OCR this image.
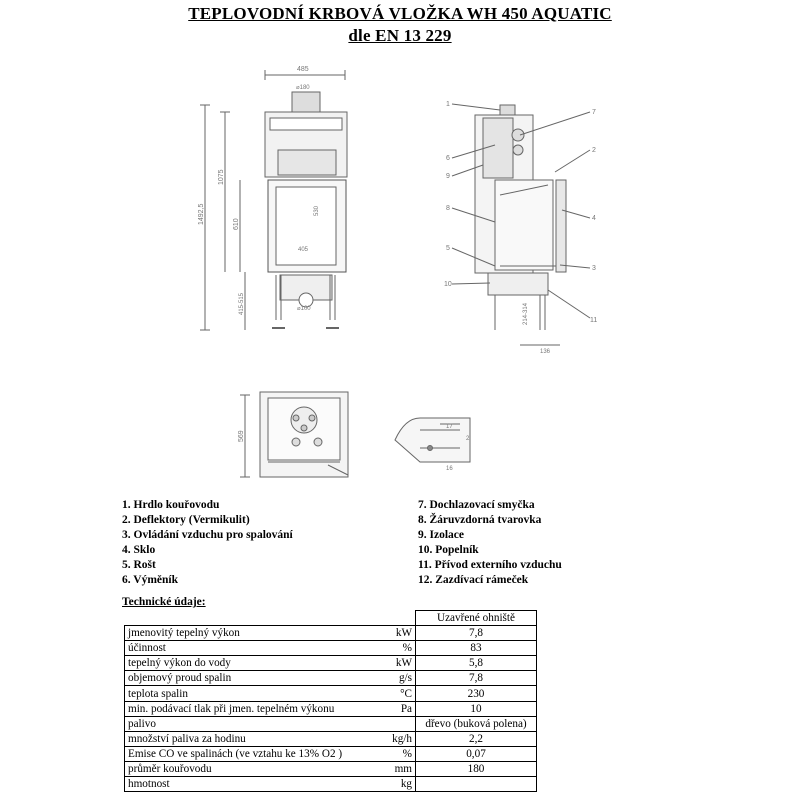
TEPLOVODNÍ KRBOVÁ VLOŽKA WH 450 AQUATIC
dle EN 13 229
485
⌀180
405
530
⌀100
1492,5
1075
610
415-515	214-314
136
1
7
6
2
9
8
4
5
3
10
11
569
17
2
16
1. Hrdlo kouřovodu
2. Deflektory (Vermikulit)
3. Ovládání vzduchu pro spalování
4. Sklo
5. Rošt
6. Výměník
7. Dochlazovací smyčka
8. Žáruvzdorná tvarovka
9. Izolace
10. Popelník
11. Přívod externího vzduchu
12. Zazdívací rámeček
Technické údaje:
		Uzavřené ohniště
jmenovitý tepelný výkon	kW	7,8
účinnost	%	83
tepelný výkon do vody	kW	5,8
objemový proud spalin	g/s	7,8
teplota spalin	°C	230
min. podávací tlak při jmen. tepelném výkonu	Pa	10
palivo		dřevo (buková polena)
množství paliva za hodinu	kg/h	2,2
Emise CO ve spalinách (ve vztahu ke 13% O2 )	%	0,07
průměr kouřovodu	mm	180
hmotnost	kg	
